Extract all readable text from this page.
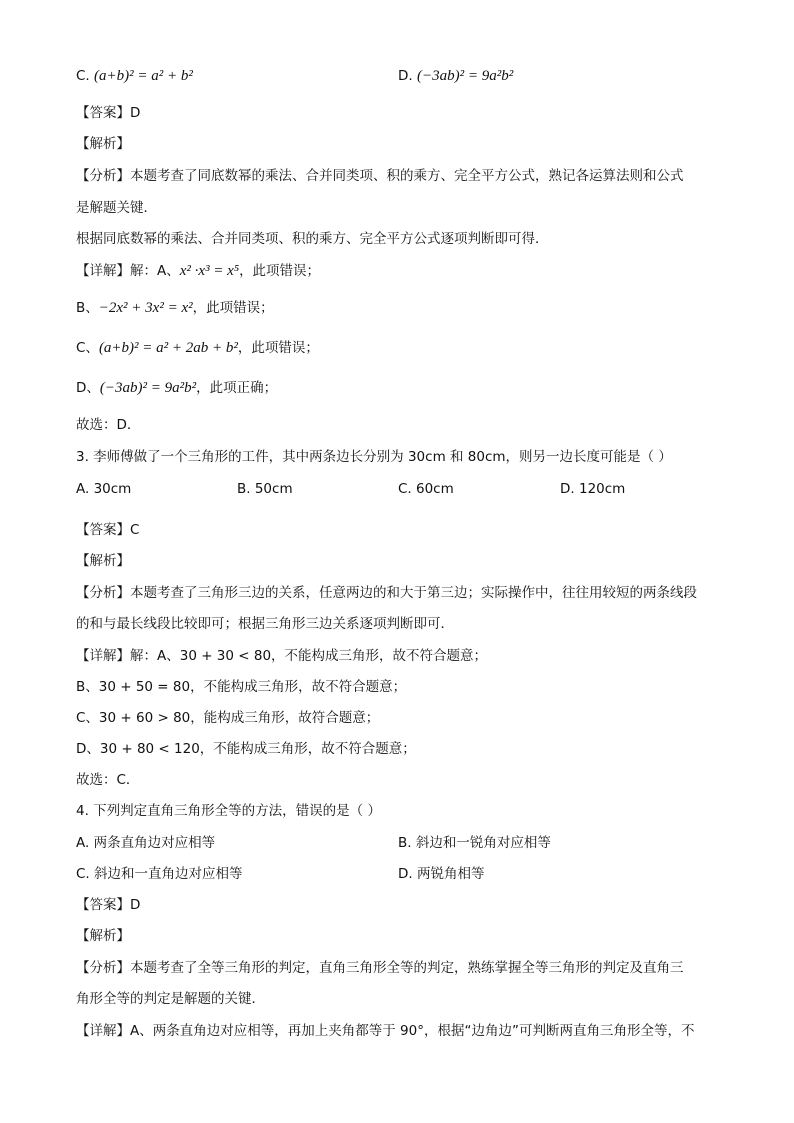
C. (a+b)² = a² + b²	D. (−3ab)² = 9a²b²
【答案】D
【解析】
【分析】本题考查了同底数幂的乘法、合并同类项、积的乘方、完全平方公式，熟记各运算法则和公式
是解题关键．
根据同底数幂的乘法、合并同类项、积的乘方、完全平方公式逐项判断即可得．
【详解】解：A、x² ·x³ = x⁵，此项错误；
B、−2x² + 3x² = x²，此项错误；
C、(a+b)² = a² + 2ab + b²，此项错误；
D、(−3ab)² = 9a²b²，此项正确；
故选：D．
3. 李师傅做了一个三角形的工件，其中两条边长分别为 30cm 和 80cm，则另一边长度可能是（ ）
A. 30cm	B. 50cm	C. 60cm	D. 120cm
【答案】C
【解析】
【分析】本题考查了三角形三边的关系，任意两边的和大于第三边；实际操作中，往往用较短的两条线段
的和与最长线段比较即可；根据三角形三边关系逐项判断即可．
【详解】解：A、30 + 30 < 80，不能构成三角形，故不符合题意；
B、30 + 50 = 80，不能构成三角形，故不符合题意；
C、30 + 60 > 80，能构成三角形，故符合题意；
D、30 + 80 < 120，不能构成三角形，故不符合题意；
故选：C．
4. 下列判定直角三角形全等的方法，错误的是（ ）
A. 两条直角边对应相等	B. 斜边和一锐角对应相等
C. 斜边和一直角边对应相等	D. 两锐角相等
【答案】D
【解析】
【分析】本题考查了全等三角形的判定，直角三角形全等的判定，熟练掌握全等三角形的判定及直角三
角形全等的判定是解题的关键．
【详解】A、两条直角边对应相等，再加上夹角都等于 90°，根据“边角边”可判断两直角三角形全等，不
